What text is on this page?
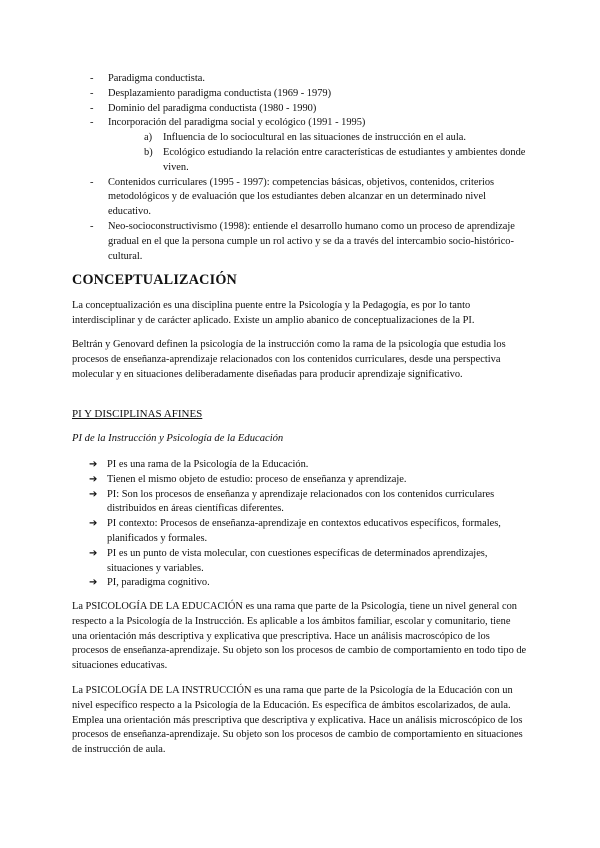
- Paradigma conductista.
- Desplazamiento paradigma conductista (1969 - 1979)
- Dominio del paradigma conductista (1980 - 1990)
- Incorporación del paradigma social y ecológico (1991 - 1995)
a) Influencia de lo sociocultural en las situaciones de instrucción en el aula.
b) Ecológico estudiando la relación entre características de estudiantes y ambientes donde viven.
- Contenidos curriculares (1995 - 1997): competencias básicas, objetivos, contenidos, criterios metodológicos y de evaluación que los estudiantes deben alcanzar en un determinado nivel educativo.
- Neo-socioconstructivismo (1998): entiende el desarrollo humano como un proceso de aprendizaje gradual en el que la persona cumple un rol activo y se da a través del intercambio socio-histórico-cultural.
CONCEPTUALIZACIÓN

La conceptualización es una disciplina puente entre la Psicología y la Pedagogía, es por lo tanto interdisciplinar y de carácter aplicado. Existe un amplio abanico de conceptualizaciones de la PI.

Beltrán y Genovard definen la psicología de la instrucción como la rama de la psicología que estudia los procesos de enseñanza-aprendizaje relacionados con los contenidos curriculares, desde una perspectiva molecular y en situaciones deliberadamente diseñadas para producir aprendizaje significativo.

PI Y DISCIPLINAS AFINES
PI de la Instrucción y Psicología de la Educación
➔ PI es una rama de la Psicología de la Educación.
➔ Tienen el mismo objeto de estudio: proceso de enseñanza y aprendizaje.
➔ PI: Son los procesos de enseñanza y aprendizaje relacionados con los contenidos curriculares distribuidos en áreas científicas diferentes.
➔ PI contexto: Procesos de enseñanza-aprendizaje en contextos educativos específicos, formales, planificados y formales.
➔ PI es un punto de vista molecular, con cuestiones específicas de determinados aprendizajes, situaciones y variables.
➔ PI, paradigma cognitivo.

La PSICOLOGÍA DE LA EDUCACIÓN es una rama que parte de la Psicología, tiene un nivel general con respecto a la Psicología de la Instrucción. Es aplicable a los ámbitos familiar, escolar y comunitario, tiene una orientación más descriptiva y explicativa que prescriptiva. Hace un análisis macroscópico de los procesos de enseñanza-aprendizaje. Su objeto son los procesos de cambio de comportamiento en todo tipo de situaciones educativas.

La PSICOLOGÍA DE LA INSTRUCCIÓN es una rama que parte de la Psicología de la Educación con un nivel específico respecto a la Psicología de la Educación. Es específica de ámbitos escolarizados, de aula. Emplea una orientación más prescriptiva que descriptiva y explicativa. Hace un análisis microscópico de los procesos de enseñanza-aprendizaje. Su objeto son los procesos de cambio de comportamiento en situaciones de instrucción de aula.
